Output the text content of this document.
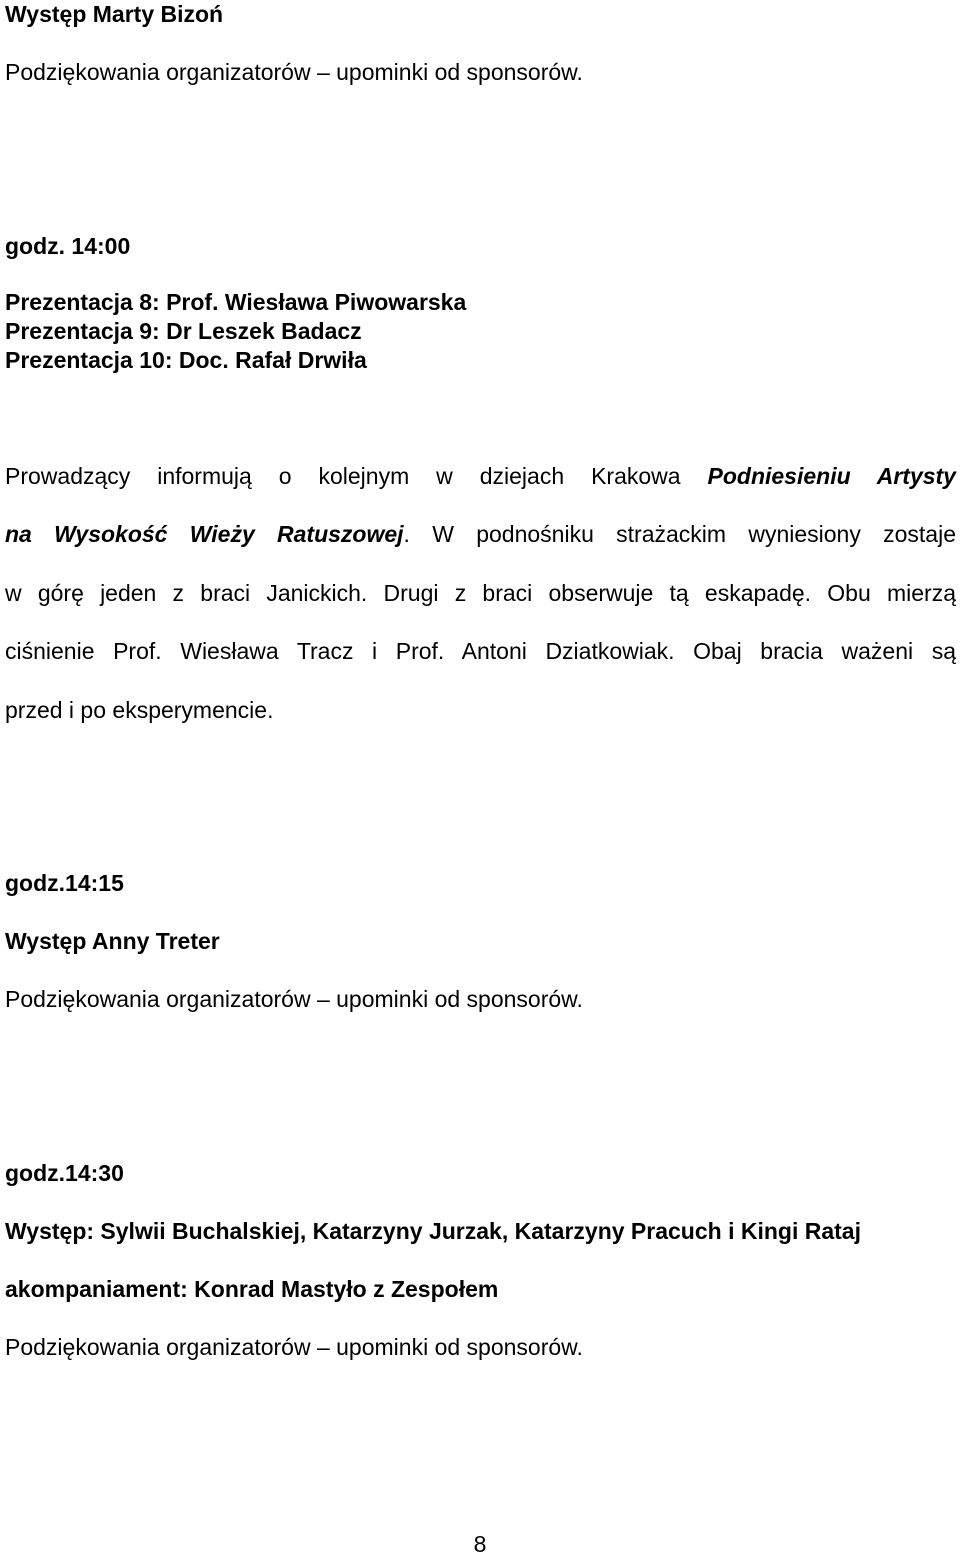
Występ Marty Bizoń
Podziękowania organizatorów – upominki od sponsorów.
godz. 14:00
Prezentacja 8: Prof. Wiesława Piwowarska
Prezentacja 9: Dr Leszek Badacz
Prezentacja 10: Doc. Rafał Drwiła
Prowadzący informują o kolejnym w dziejach Krakowa Podniesieniu Artysty
na Wysokość Wieży Ratuszowej. W podnośniku strażackim wyniesiony zostaje
w górę jeden z braci Janickich. Drugi z braci obserwuje tą eskapadę. Obu mierzą
ciśnienie Prof. Wiesława Tracz i Prof. Antoni Dziatkowiak. Obaj bracia ważeni są
przed i po eksperymencie.
godz.14:15
Występ Anny Treter
Podziękowania organizatorów – upominki od sponsorów.
godz.14:30
Występ: Sylwii Buchalskiej, Katarzyny Jurzak, Katarzyny Pracuch i Kingi Rataj
akompaniament: Konrad Mastyło z Zespołem
Podziękowania organizatorów – upominki od sponsorów.
8
